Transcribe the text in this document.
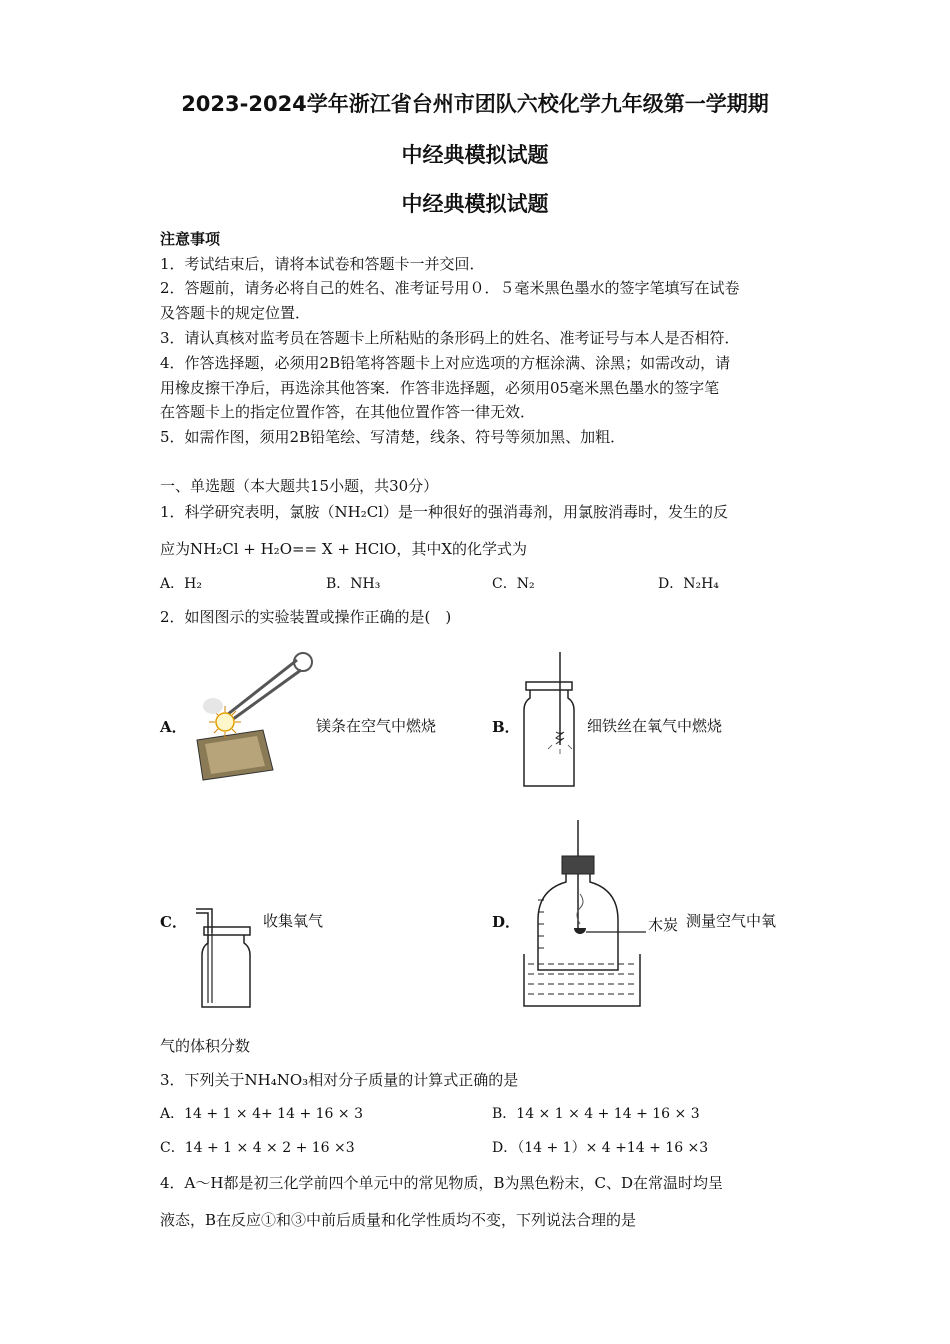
2023-2024学年浙江省台州市团队六校化学九年级第一学期期
中经典模拟试题
中经典模拟试题
注意事项
1．考试结束后，请将本试卷和答题卡一并交回．
2．答题前，请务必将自己的姓名、准考证号用０．５毫米黑色墨水的签字笔填写在试卷
及答题卡的规定位置．
3．请认真核对监考员在答题卡上所粘贴的条形码上的姓名、准考证号与本人是否相符．
4．作答选择题，必须用2B铅笔将答题卡上对应选项的方框涂满、涂黑；如需改动，请
用橡皮擦干净后，再选涂其他答案．作答非选择题，必须用05毫米黑色墨水的签字笔
在答题卡上的指定位置作答，在其他位置作答一律无效．
5．如需作图，须用2B铅笔绘、写清楚，线条、符号等须加黑、加粗．
一、单选题（本大题共15小题，共30分）
1．科学研究表明，氯胺（NH₂Cl）是一种很好的强消毒剂，用氯胺消毒时，发生的反
应为NH₂Cl + H₂O== X + HClO，其中X的化学式为
A．H₂	B．NH₃	C．N₂	D．N₂H₄
2．如图图示的实验装置或操作正确的是(　)
A．	镁条在空气中燃烧	B．	细铁丝在氧气中燃烧
C．	收集氧气	D．	木炭 测量空气中氧
气的体积分数
3．下列关于NH₄NO₃相对分子质量的计算式正确的是
A．14 + 1 × 4+ 14 + 16 × 3	B．14 × 1 × 4 + 14 + 16 × 3
C．14 + 1 × 4 × 2 + 16 ×3	D．（14 + 1）× 4 +14 + 16 ×3
4．A～H都是初三化学前四个单元中的常见物质，B为黑色粉末，C、D在常温时均呈
液态，B在反应①和③中前后质量和化学性质均不变，下列说法合理的是
